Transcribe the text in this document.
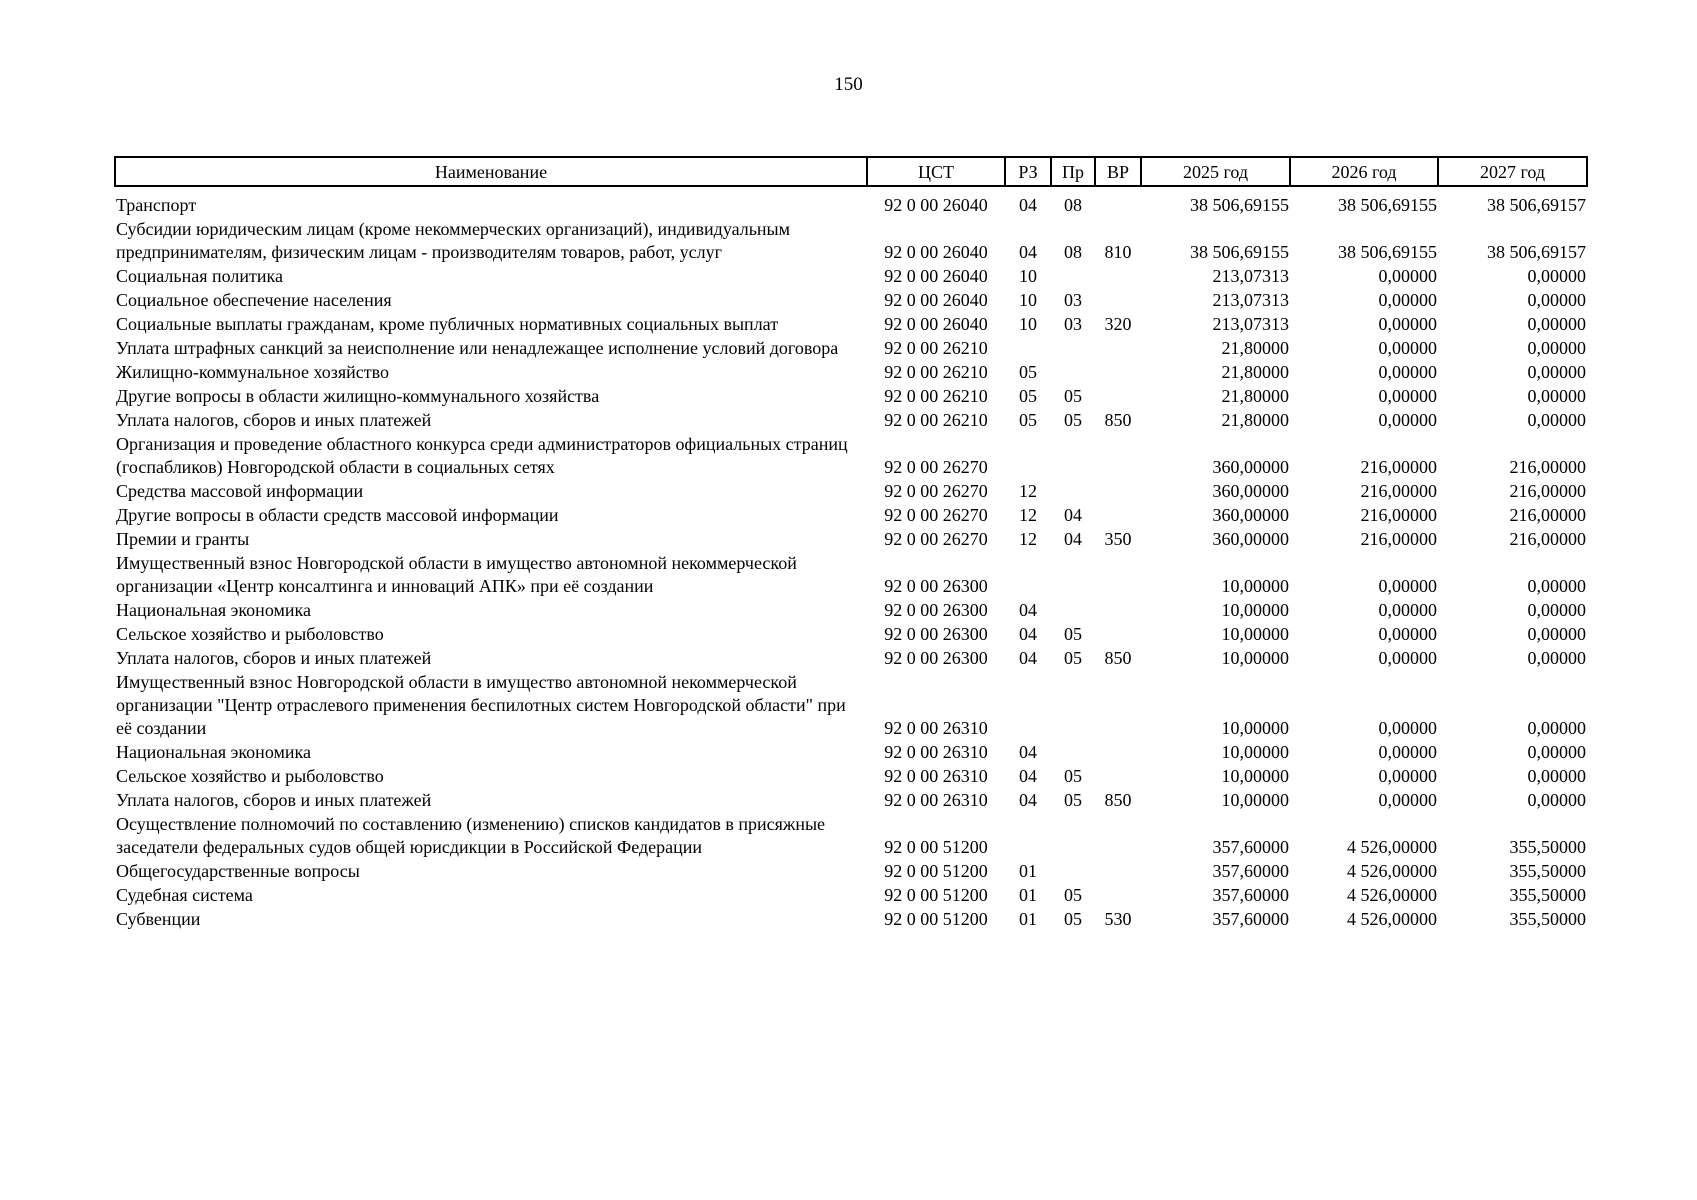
150
Наименование	ЦСТ	РЗ	Пр	ВР	2025 год	2026 год	2027 год
Транспорт	92 0 00 26040	04	08		38 506,69155	38 506,69155	38 506,69157
Субсидии юридическим лицам (кроме некоммерческих организаций), индивидуальным предпринимателям, физическим лицам - производителям товаров, работ, услуг	92 0 00 26040	04	08	810	38 506,69155	38 506,69155	38 506,69157
Социальная политика	92 0 00 26040	10			213,07313	0,00000	0,00000
Социальное обеспечение населения	92 0 00 26040	10	03		213,07313	0,00000	0,00000
Социальные выплаты гражданам, кроме публичных нормативных социальных выплат	92 0 00 26040	10	03	320	213,07313	0,00000	0,00000
Уплата штрафных санкций за неисполнение или ненадлежащее исполнение условий договора	92 0 00 26210				21,80000	0,00000	0,00000
Жилищно-коммунальное хозяйство	92 0 00 26210	05			21,80000	0,00000	0,00000
Другие вопросы в области жилищно-коммунального хозяйства	92 0 00 26210	05	05		21,80000	0,00000	0,00000
Уплата налогов, сборов и иных платежей	92 0 00 26210	05	05	850	21,80000	0,00000	0,00000
Организация и проведение областного конкурса среди администраторов официальных страниц (госпабликов) Новгородской области в социальных сетях	92 0 00 26270				360,00000	216,00000	216,00000
Средства массовой информации	92 0 00 26270	12			360,00000	216,00000	216,00000
Другие вопросы в области средств массовой информации	92 0 00 26270	12	04		360,00000	216,00000	216,00000
Премии и гранты	92 0 00 26270	12	04	350	360,00000	216,00000	216,00000
Имущественный взнос Новгородской области в имущество автономной некоммерческой организации «Центр консалтинга и инноваций АПК» при её создании	92 0 00 26300				10,00000	0,00000	0,00000
Национальная экономика	92 0 00 26300	04			10,00000	0,00000	0,00000
Сельское хозяйство и рыболовство	92 0 00 26300	04	05		10,00000	0,00000	0,00000
Уплата налогов, сборов и иных платежей	92 0 00 26300	04	05	850	10,00000	0,00000	0,00000
Имущественный взнос Новгородской области в имущество автономной некоммерческой организации "Центр отраслевого применения беспилотных систем Новгородской области" при её создании	92 0 00 26310				10,00000	0,00000	0,00000
Национальная экономика	92 0 00 26310	04			10,00000	0,00000	0,00000
Сельское хозяйство и рыболовство	92 0 00 26310	04	05		10,00000	0,00000	0,00000
Уплата налогов, сборов и иных платежей	92 0 00 26310	04	05	850	10,00000	0,00000	0,00000
Осуществление полномочий по составлению (изменению) списков кандидатов в присяжные заседатели федеральных судов общей юрисдикции в Российской Федерации	92 0 00 51200				357,60000	4 526,00000	355,50000
Общегосударственные вопросы	92 0 00 51200	01			357,60000	4 526,00000	355,50000
Судебная система	92 0 00 51200	01	05		357,60000	4 526,00000	355,50000
Субвенции	92 0 00 51200	01	05	530	357,60000	4 526,00000	355,50000
